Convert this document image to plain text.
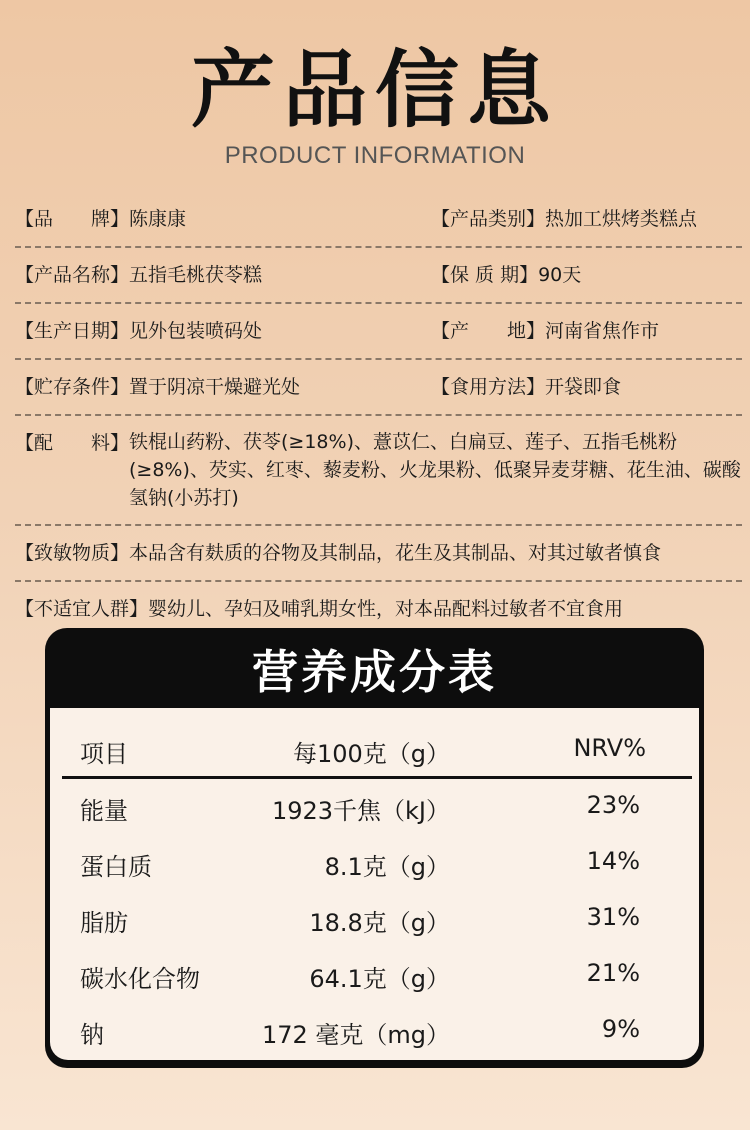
产品信息
PRODUCT INFORMATION
【品　　牌】陈康康	【产品类别】热加工烘烤类糕点
【产品名称】五指毛桃茯苓糕	【保 质 期】90天
【生产日期】见外包装喷码处	【产　　地】河南省焦作市
【贮存条件】置于阴凉干燥避光处	【食用方法】开袋即食
【配　　料】 铁棍山药粉、茯苓(≥18%)、薏苡仁、白扁豆、莲子、五指毛桃粉(≥8%)、芡实、红枣、藜麦粉、火龙果粉、低聚异麦芽糖、花生油、碳酸氢钠(小苏打)
【致敏物质】本品含有麸质的谷物及其制品，花生及其制品、对其过敏者慎食
【不适宜人群】婴幼儿、孕妇及哺乳期女性，对本品配料过敏者不宜食用
营养成分表
项目	每100克（g）	NRV%
能量	1923千焦（kJ）	23%
蛋白质	8.1克（g）	14%
脂肪	18.8克（g）	31%
碳水化合物	64.1克（g）	21%
钠	172 毫克（mg）	9%
